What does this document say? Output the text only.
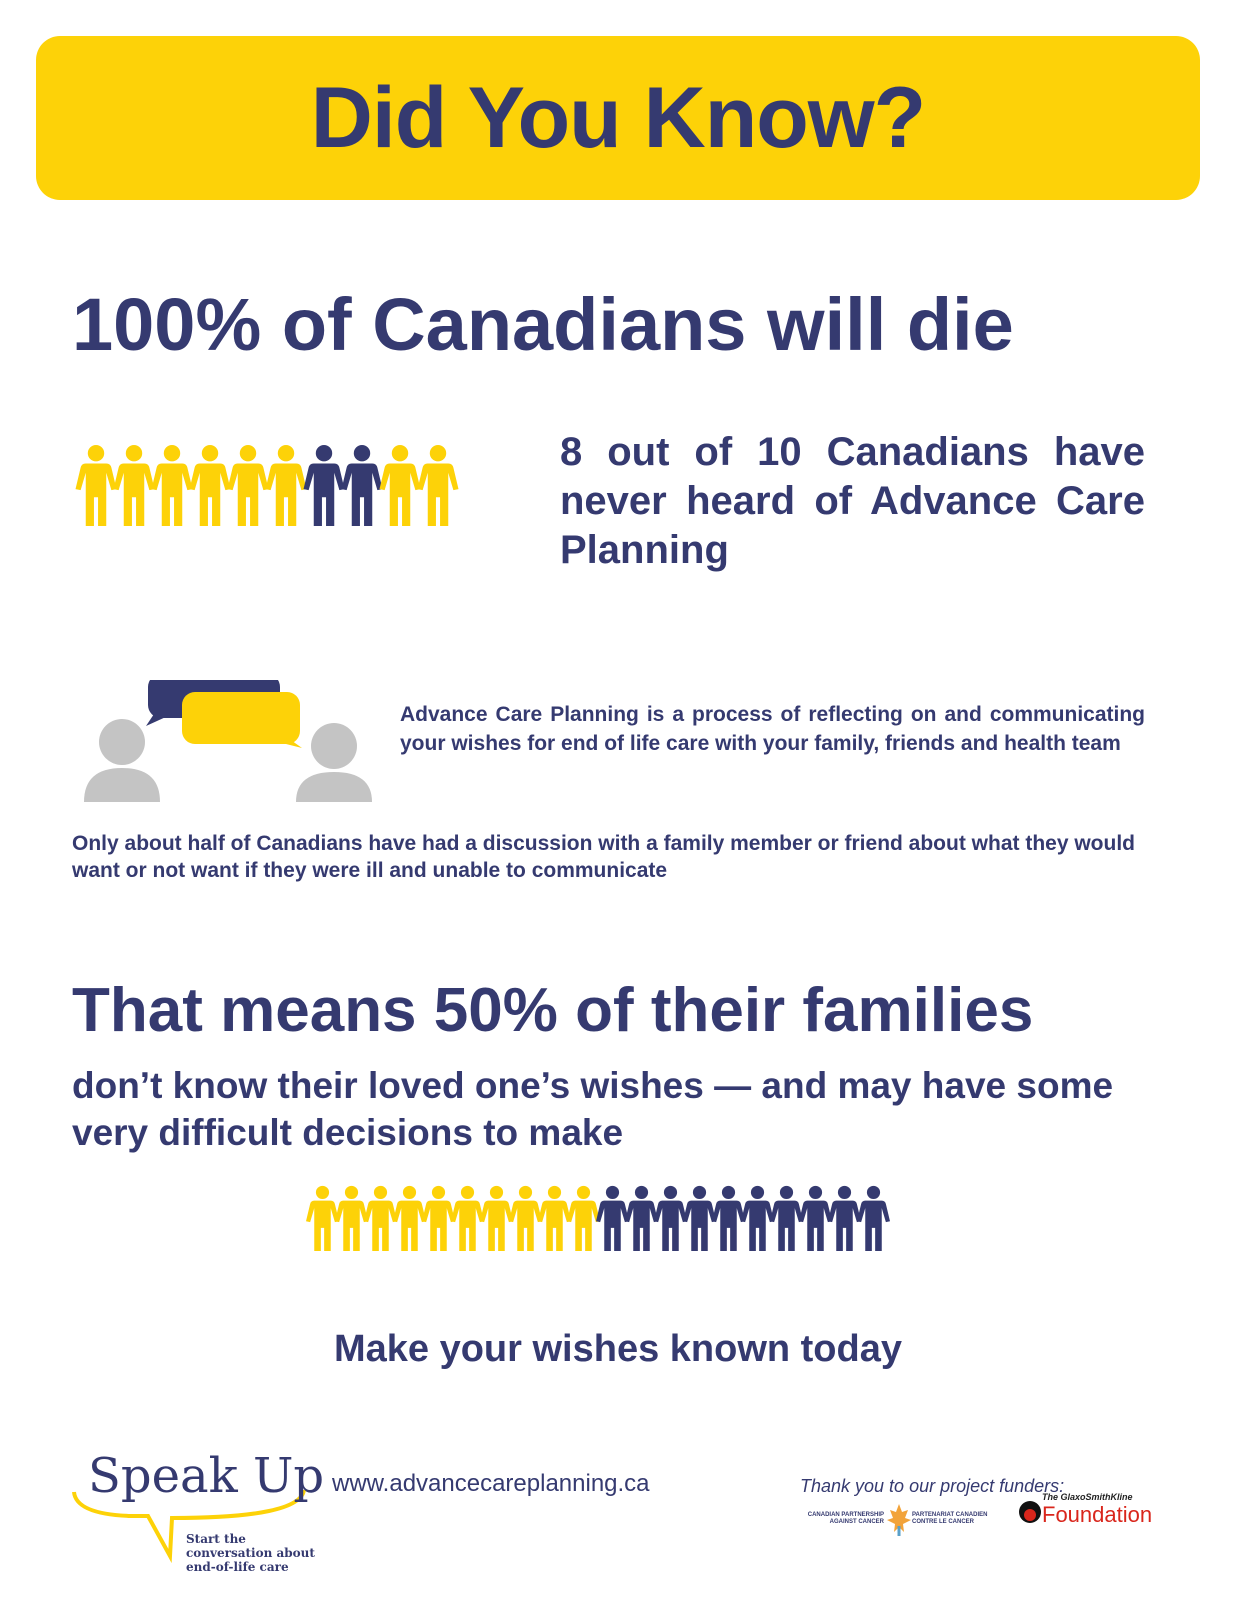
Did You Know?
100% of Canadians will die
8 out of 10 Canadians have never heard of Advance Care Planning
Advance Care Planning is a process of reflecting on and communicating your wishes for end of life care with your family, friends and health team
Only about half of Canadians have had a discussion with a family member or friend about what they would want or not want if they were ill and unable to communicate
That means 50% of their families
don’t know their loved one’s wishes — and may have some very difficult decisions to make
Make your wishes known today
Speak Up
Start the conversation about end-of-life care
www.advancecareplanning.ca	Thank you to our project funders:
CANADIAN PARTNERSHIP AGAINST CANCER
PARTENARIAT CANADIEN CONTRE LE CANCER
The GlaxoSmithKline
Foundation
